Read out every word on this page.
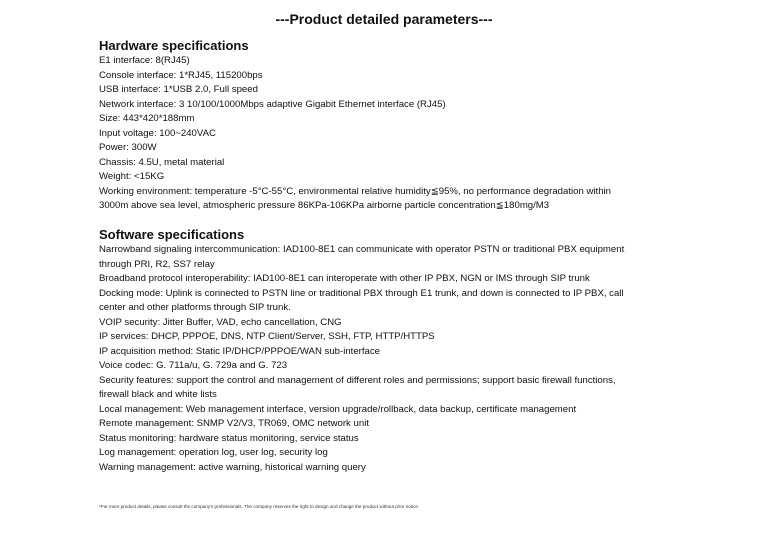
---Product detailed parameters---
Hardware specifications
E1 interface: 8(RJ45)
Console interface: 1*RJ45, 115200bps
USB interface: 1*USB 2.0, Full speed
Network interface: 3 10/100/1000Mbps adaptive Gigabit Ethernet interface (RJ45)
Size: 443*420*188mm
Input voltage: 100~240VAC
Power: 300W
Chassis: 4.5U, metal material
Weight: <15KG
Working environment: temperature -5°C-55°C, environmental relative humidity≦95%, no performance degradation within
3000m above sea level, atmospheric pressure 86KPa-106KPa airborne particle concentration≦180mg/M3
Software specifications
Narrowband signaling intercommunication: IAD100-8E1 can communicate with operator PSTN or traditional PBX equipment
through PRI, R2, SS7 relay
Broadband protocol interoperability: IAD100-8E1 can interoperate with other IP PBX, NGN or IMS through SIP trunk
Docking mode: Uplink is connected to PSTN line or traditional PBX through E1 trunk, and down is connected to IP PBX, call
center and other platforms through SIP trunk.
VOIP security: Jitter Buffer, VAD, echo cancellation, CNG
IP services: DHCP, PPPOE, DNS, NTP Client/Server, SSH, FTP, HTTP/HTTPS
IP acquisition method: Static IP/DHCP/PPPOE/WAN sub-interface
Voice codec: G. 711a/u, G. 729a and G. 723
Security features: support the control and management of different roles and permissions; support basic firewall functions,
firewall black and white lists
Local management: Web management interface, version upgrade/rollback, data backup, certificate management
Remote management: SNMP V2/V3, TR069, OMC network unit
Status monitoring: hardware status monitoring, service status
Log management: operation log, user log, security log
Warning management: active warning, historical warning query
*For more product details, please consult the company's professionals. The company reserves the right to design and change the product without prior notice.
